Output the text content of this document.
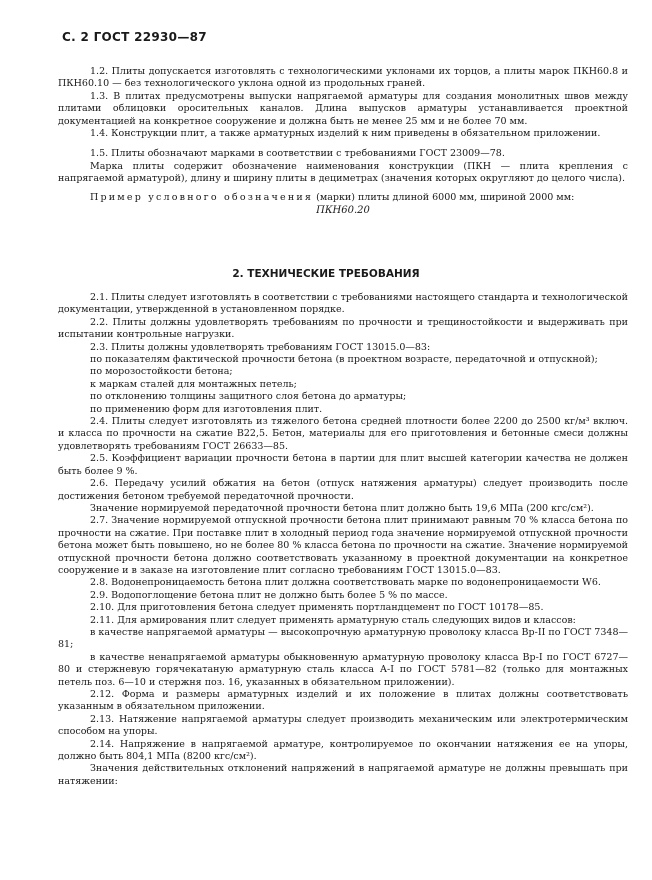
С. 2 ГОСТ 22930—87

1.2. Плиты допускается изготовлять с технологическими уклонами их торцов, а плиты марок ПКН60.8 и ПКН60.10 — без технологического уклона одной из продольных граней.

1.3. В плитах предусмотрены выпуски напрягаемой арматуры для создания монолитных швов между плитами облицовки оросительных каналов. Длина выпусков арматуры устанавливается проектной документацией на конкретное сооружение и должна быть не менее 25 мм и не более 70 мм.

1.4. Конструкции плит, а также арматурных изделий к ним приведены в обязательном приложении.

1.5. Плиты обозначают марками в соответствии с требованиями ГОСТ 23009—78.

Марка плиты содержит обозначение наименования конструкции (ПКН — плита крепления с напрягаемой арматурой), длину и ширину плиты в дециметрах (значения которых округляют до целого числа).

Пример условного обозначения (марки) плиты длиной 6000 мм, шириной 2000 мм:

ПКН60.20

2. ТЕХНИЧЕСКИЕ ТРЕБОВАНИЯ

2.1. Плиты следует изготовлять в соответствии с требованиями настоящего стандарта и технологической документации, утвержденной в установленном порядке.

2.2. Плиты должны удовлетворять требованиям по прочности и трещиностойкости и выдерживать при испытании контрольные нагрузки.

2.3. Плиты должны удовлетворять требованиям ГОСТ 13015.0—83:

по показателям фактической прочности бетона (в проектном возрасте, передаточной и отпускной);

по морозостойкости бетона;

к маркам сталей для монтажных петель;

по отклонению толщины защитного слоя бетона до арматуры;

по применению форм для изготовления плит.

2.4. Плиты следует изготовлять из тяжелого бетона средней плотности более 2200 до 2500 кг/м³ включ. и класса по прочности на сжатие В22,5. Бетон, материалы для его приготовления и бетонные смеси должны удовлетворять требованиям ГОСТ 26633—85.

2.5. Коэффициент вариации прочности бетона в партии для плит высшей категории качества не должен быть более 9 %.

2.6. Передачу усилий обжатия на бетон (отпуск натяжения арматуры) следует производить после достижения бетоном требуемой передаточной прочности.

Значение нормируемой передаточной прочности бетона плит должно быть 19,6 МПа (200 кгс/см²).

2.7. Значение нормируемой отпускной прочности бетона плит принимают равным 70 % класса бетона по прочности на сжатие. При поставке плит в холодный период года значение нормируемой отпускной прочности бетона может быть повышено, но не более 80 % класса бетона по прочности на сжатие. Значение нормируемой отпускной прочности бетона должно соответствовать указанному в проектной документации на конкретное сооружение и в заказе на изготовление плит согласно требованиям ГОСТ 13015.0—83.

2.8. Водонепроницаемость бетона плит должна соответствовать марке по водонепроницаемости W6.

2.9. Водопоглощение бетона плит не должно быть более 5 % по массе.

2.10. Для приготовления бетона следует применять портландцемент по ГОСТ 10178—85.

2.11. Для армирования плит следует применять арматурную сталь следующих видов и классов:

в качестве напрягаемой арматуры — высокопрочную арматурную проволоку класса Вр-II по ГОСТ 7348—81;

в качестве ненапрягаемой арматуры обыкновенную арматурную проволоку класса Вр-I по ГОСТ 6727—80 и стержневую горячекатаную арматурную сталь класса А-I по ГОСТ 5781—82 (только для монтажных петель поз. 6—10 и стержня поз. 16, указанных в обязательном приложении).

2.12. Форма и размеры арматурных изделий и их положение в плитах должны соответствовать указанным в обязательном приложении.

2.13. Натяжение напрягаемой арматуры следует производить механическим или электротермическим способом на упоры.

2.14. Напряжение в напрягаемой арматуре, контролируемое по окончании натяжения ее на упоры, должно быть 804,1 МПа (8200 кгс/см²).

Значения действительных отклонений напряжений в напрягаемой арматуре не должны превышать при натяжении:
